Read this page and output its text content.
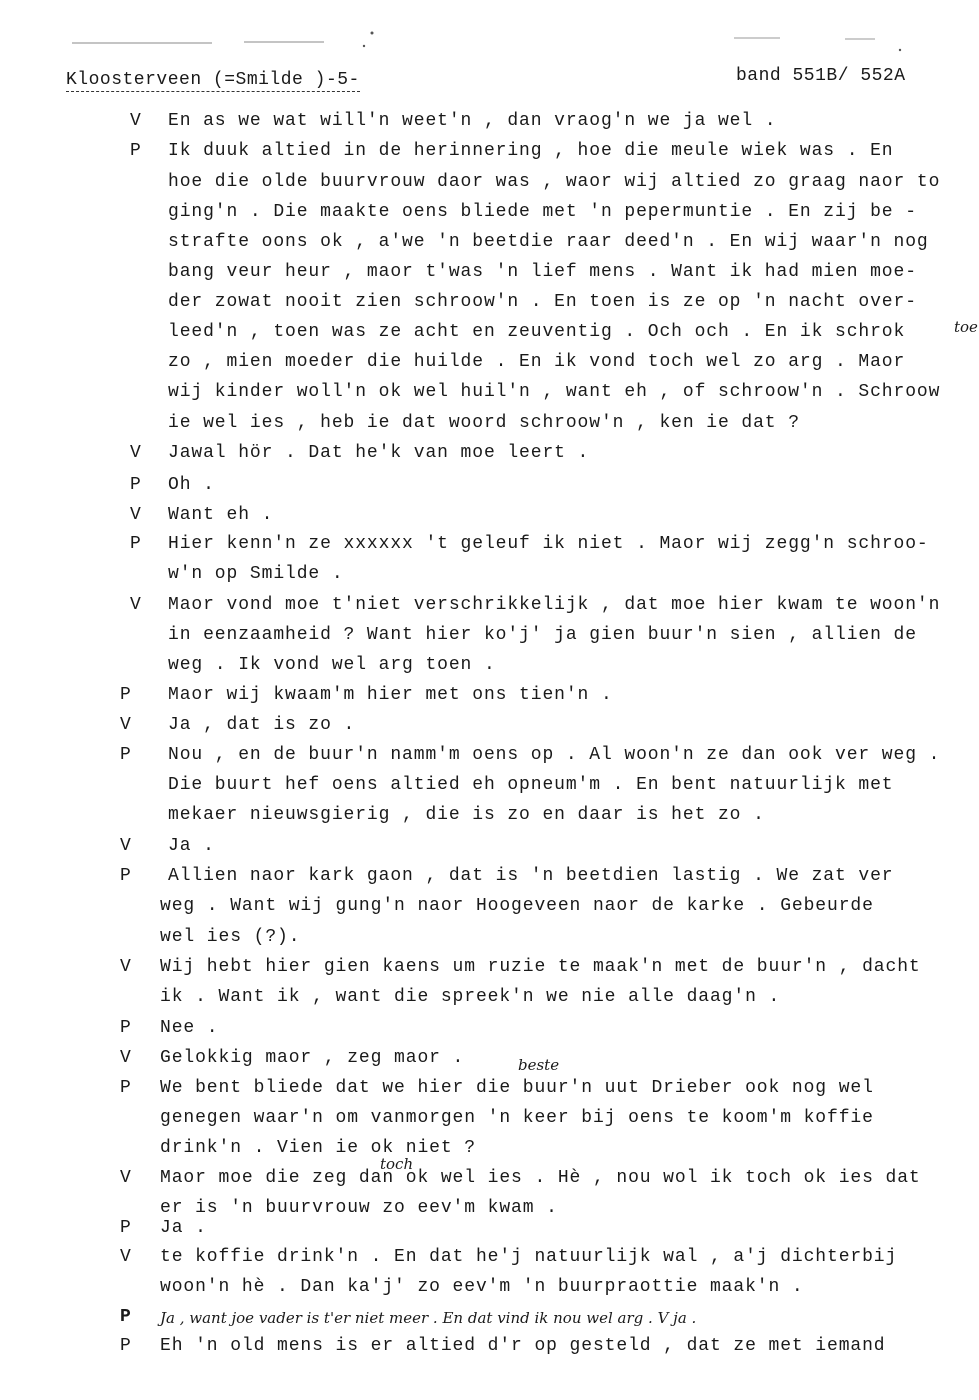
Kloosterveen (=Smilde )-5-	band 551B/ 552A
V En as we wat will'n weet'n , dan vraog'n we ja wel .
P Ik duuk altied in de herinnering , hoe die meule wiek was . En
hoe die olde buurvrouw daor was , waor wij altied zo graag naor to
ging'n . Die maakte oens bliede met 'n pepermuntie . En zij be -
strafte oons ok , a'we 'n beetdie raar deed'n . En wij waar'n nog
bang veur heur , maor t'was 'n lief mens . Want ik had mien moe-
der zowat nooit zien schroow'n . En toen is ze op 'n nacht over-
leed'n , toen was ze acht en zeuventig . Och och . En ik schrok
zo , mien moeder die huilde . En ik vond toch wel zo arg . Maor
wij kinder woll'n ok wel huil'n , want eh , of schroow'n . Schroow
ie wel ies , heb ie dat woord schroow'n , ken ie dat ?
toe
V Jawal hör . Dat he'k van moe leert .
P Oh .
V Want eh .
P Hier kenn'n ze xxxxxx 't geleuf ik niet . Maor wij zegg'n schroo-
w'n op Smilde .
V Maor vond moe t'niet verschrikkelijk , dat moe hier kwam te woon'n
in eenzaamheid ? Want hier ko'j' ja gien buur'n sien , allien de
weg . Ik vond wel arg toen .
P Maor wij kwaam'm hier met ons tien'n .
V Ja , dat is zo .
P Nou , en de buur'n namm'm oens op . Al woon'n ze dan ook ver weg .
Die buurt hef oens altied eh opneum'm . En bent natuurlijk met
mekaer nieuwsgierig , die is zo en daar is het zo .
V Ja .
P Allien naor kark gaon , dat is 'n beetdien lastig . We zat ver
weg . Want wij gung'n naor Hoogeveen naor de karke . Gebeurde
wel ies (?).
V Wij hebt hier gien kaens um ruzie te maak'n met de buur'n , dacht
ik . Want ik , want die spreek'n we nie alle daag'n .
P Nee .
V Gelokkig maor , zeg maor .	beste
P We bent bliede dat we hier die buur'n uut Drieber ook nog wel
genegen waar'n om vanmorgen 'n keer bij oens te koom'm koffie
drink'n . Vien ie ok niet ?
V Maor moe die zeg dan ok wel ies . Hè , nou wol ik toch ok ies dat
er is 'n buurvrouw zo eev'm kwam .
toch
P Ja .
V te koffie drink'n . En dat he'j natuurlijk wal , a'j dichterbij
woon'n hè . Dan ka'j' zo eev'm 'n buurpraottie maak'n .
P Ja , want joe vader is t'er niet meer . En dat vind ik nou wel arg . V ja .
P Eh 'n old mens is er altied d'r op gesteld , dat ze met iemand
